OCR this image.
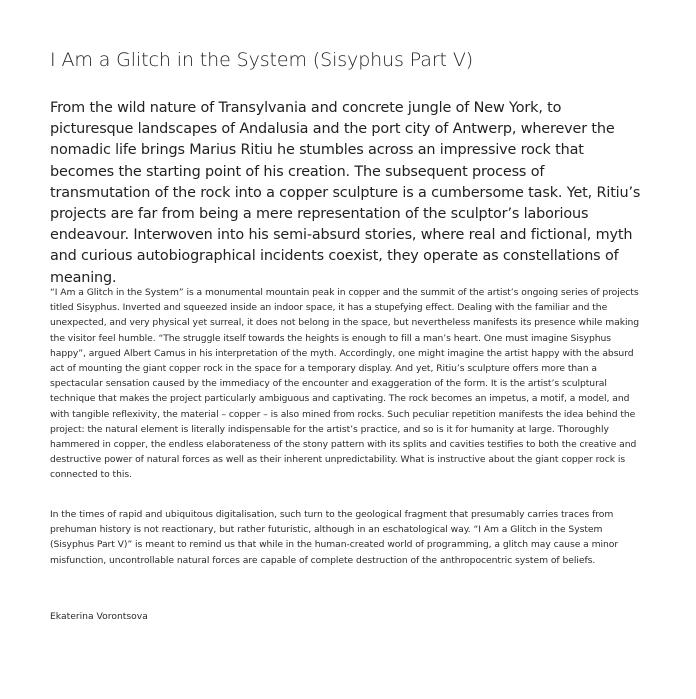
I Am a Glitch in the System (Sisyphus Part V)

From the wild nature of Transylvania and concrete jungle of New York, to picturesque landscapes of Andalusia and the port city of Antwerp, wherever the nomadic life brings Marius Ritiu he stumbles across an impressive rock that becomes the starting point of his creation. The subsequent process of transmutation of the rock into a copper sculpture is a cumbersome task. Yet, Ritiu’s projects are far from being a mere representation of the sculptor’s laborious endeavour. Interwoven into his semi-absurd stories, where real and fictional, myth and curious autobiographical incidents coexist, they operate as constellations of meaning.

“I Am a Glitch in the System” is a monumental mountain peak in copper and the summit of the artist’s ongoing series of projects titled Sisyphus. Inverted and squeezed inside an indoor space, it has a stupefying effect. Dealing with the familiar and the unexpected, and very physical yet surreal, it does not belong in the space, but nevertheless manifests its presence while making the visitor feel humble. “The struggle itself towards the heights is enough to fill a man’s heart. One must imagine Sisyphus happy”, argued Albert Camus in his interpretation of the myth. Accordingly, one might imagine the artist happy with the absurd act of mounting the giant copper rock in the space for a temporary display. And yet, Ritiu’s sculpture offers more than a spectacular sensation caused by the immediacy of the encounter and exaggeration of the form. It is the artist’s sculptural technique that makes the project particularly ambiguous and captivating. The rock becomes an impetus, a motif, a model, and with tangible reflexivity, the material – copper – is also mined from rocks. Such peculiar repetition manifests the idea behind the project: the natural element is literally indispensable for the artist’s practice, and so is it for humanity at large. Thoroughly hammered in copper, the endless elaborateness of the stony pattern with its splits and cavities testifies to both the creative and destructive power of natural forces as well as their inherent unpredictability. What is instructive about the giant copper rock is connected to this.

In the times of rapid and ubiquitous digitalisation, such turn to the geological fragment that presumably carries traces from prehuman history is not reactionary, but rather futuristic, although in an eschatological way. “I Am a Glitch in the System (Sisyphus Part V)” is meant to remind us that while in the human-created world of programming, a glitch may cause a minor misfunction, uncontrollable natural forces are capable of complete destruction of the anthropocentric system of beliefs.

Ekaterina Vorontsova
